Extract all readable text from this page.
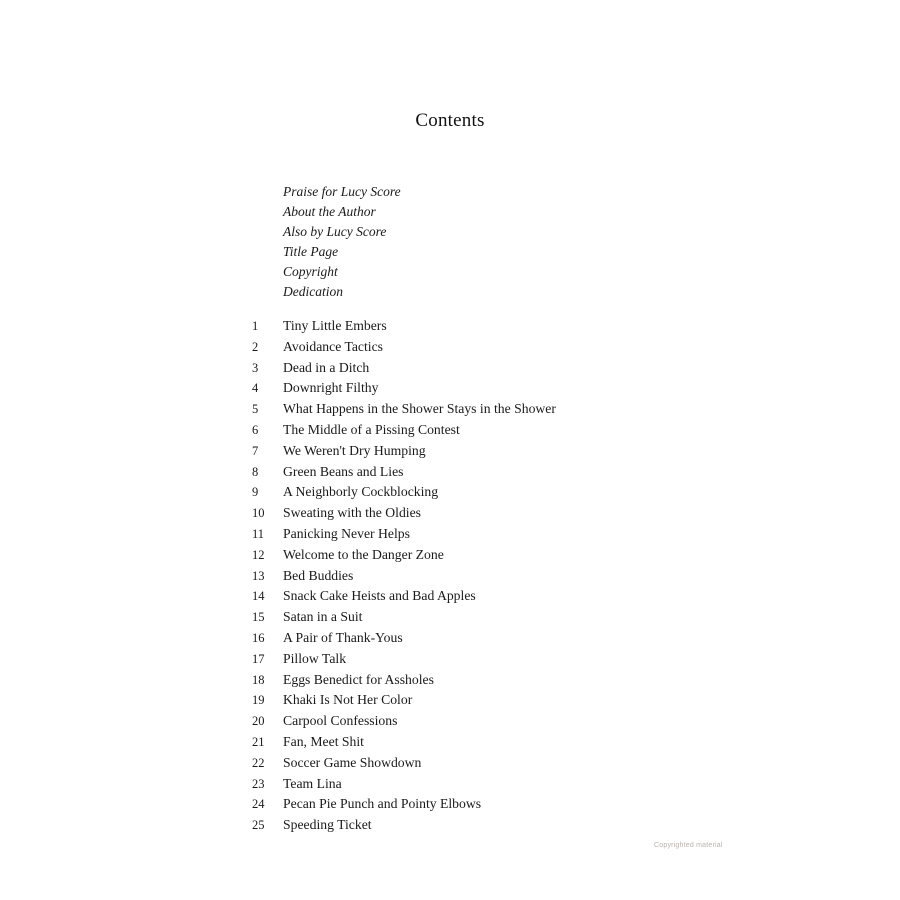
Contents
Praise for Lucy Score
About the Author
Also by Lucy Score
Title Page
Copyright
Dedication
1	Tiny Little Embers
2	Avoidance Tactics
3	Dead in a Ditch
4	Downright Filthy
5	What Happens in the Shower Stays in the Shower
6	The Middle of a Pissing Contest
7	We Weren't Dry Humping
8	Green Beans and Lies
9	A Neighborly Cockblocking
10	Sweating with the Oldies
11	Panicking Never Helps
12	Welcome to the Danger Zone
13	Bed Buddies
14	Snack Cake Heists and Bad Apples
15	Satan in a Suit
16	A Pair of Thank-Yous
17	Pillow Talk
18	Eggs Benedict for Assholes
19	Khaki Is Not Her Color
20	Carpool Confessions
21	Fan, Meet Shit
22	Soccer Game Showdown
23	Team Lina
24	Pecan Pie Punch and Pointy Elbows
25	Speeding Ticket
Copyrighted material
